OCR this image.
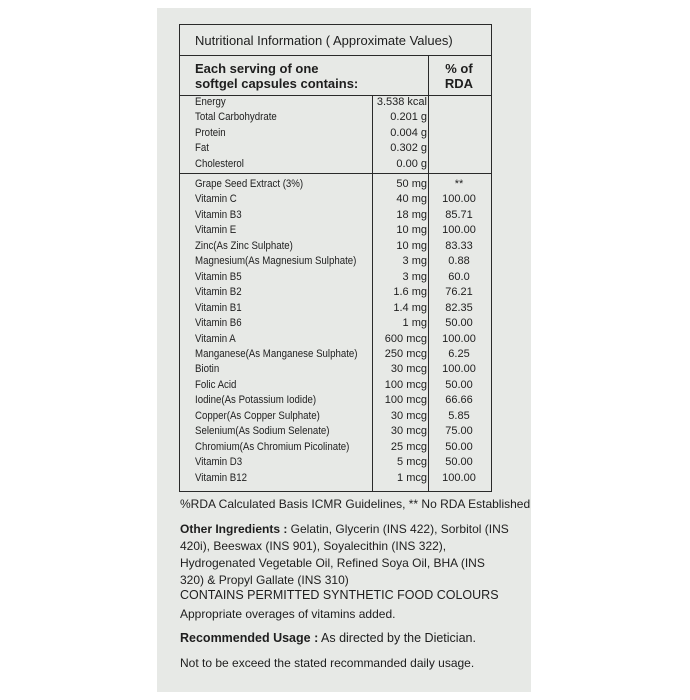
Nutritional Information ( Approximate Values)
Each serving of one
softgel capsules contains:
% of
RDA
Energy	3.538 kcal
Total Carbohydrate	0.201 g
Protein	0.004 g
Fat	0.302 g
Cholesterol	0.00 g
Grape Seed Extract (3%)	50 mg	**
Vitamin C	40 mg	100.00
Vitamin B3	18 mg	85.71
Vitamin E	10 mg	100.00
Zinc(As Zinc Sulphate)	10 mg	83.33
Magnesium(As Magnesium Sulphate)	3 mg	0.88
Vitamin B5	3 mg	60.0
Vitamin B2	1.6 mg	76.21
Vitamin B1	1.4 mg	82.35
Vitamin B6	1 mg	50.00
Vitamin A	600 mcg	100.00
Manganese(As Manganese Sulphate)	250 mcg	6.25
Biotin	30 mcg	100.00
Folic Acid	100 mcg	50.00
Iodine(As Potassium Iodide)	100 mcg	66.66
Copper(As Copper Sulphate)	30 mcg	5.85
Selenium(As Sodium Selenate)	30 mcg	75.00
Chromium(As Chromium Picolinate)	25 mcg	50.00
Vitamin D3	5 mcg	50.00
Vitamin B12	1 mcg	100.00
%RDA Calculated Basis ICMR Guidelines, ** No RDA Established
Other Ingredients : Gelatin, Glycerin (INS 422), Sorbitol (INS 420i), Beeswax (INS 901), Soyalecithin (INS 322), Hydrogenated Vegetable Oil, Refined Soya Oil, BHA (INS 320) & Propyl Gallate (INS 310)
CONTAINS PERMITTED SYNTHETIC FOOD COLOURS
Appropriate overages of vitamins added.
Recommended Usage : As directed by the Dietician.
Not to be exceed the stated recommanded daily usage.
